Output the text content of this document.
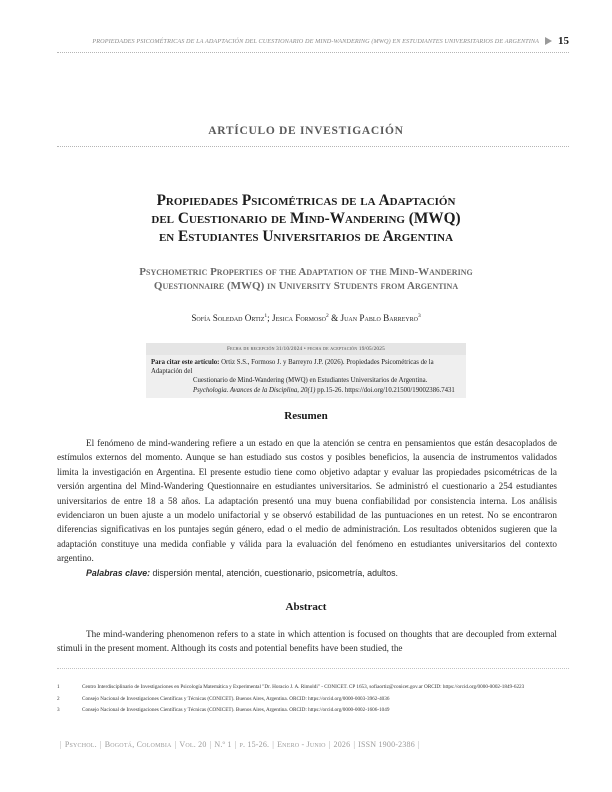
PROPIEDADES PSICOMÉTRICAS DE LA ADAPTACIÓN DEL CUESTIONARIO DE MIND-WANDERING (MWQ) EN ESTUDIANTES UNIVERSITARIOS DE ARGENTINA 15
ARTÍCULO DE INVESTIGACIÓN
Propiedades Psicométricas de la Adaptación
del Cuestionario de Mind-Wandering (MWQ)
en Estudiantes Universitarios de Argentina
Psychometric Properties of the Adaptation of the Mind-Wandering
Questionnaire (MWQ) in University Students from Argentina
Sofía Soledad Ortiz$^1$; Jesica Formoso$^2$ & Juan Pablo Barreyro$^3$
Fecha de recepción 31/10/2024 • fecha de aceptación 19/05/2025
Para citar este artículo: Ortiz S.S., Formoso J. y Barreyro J.P. (2026). Propiedades Psicométricas de la Adaptación del
Cuestionario de Mind-Wandering (MWQ) en Estudiantes Universitarios de Argentina.
Psychologia. Avances de la Disciplina, 20(1) pp.15-26. https://doi.org/10.21500/19002386.7431
Resumen

El fenómeno de mind-wandering refiere a un estado en que la atención se centra en pensamientos que están desacoplados de estímulos externos del momento. Aunque se han estudiado sus costos y posibles beneficios, la ausencia de instrumentos validados limita la investigación en Argentina. El presente estudio tiene como objetivo adaptar y evaluar las propiedades psicométricas de la versión argentina del Mind-Wandering Questionnaire en estudiantes universitarios. Se administró el cuestionario a 254 estudiantes universitarios de entre 18 a 58 años. La adaptación presentó una muy buena confiabilidad por consistencia interna. Los análisis evidenciaron un buen ajuste a un modelo unifactorial y se observó estabilidad de las puntuaciones en un retest. No se encontraron diferencias significativas en los puntajes según género, edad o el medio de administración. Los resultados obtenidos sugieren que la adaptación constituye una medida confiable y válida para la evaluación del fenómeno en estudiantes universitarios del contexto argentino.

Palabras clave: dispersión mental, atención, cuestionario, psicometría, adultos.
Abstract

The mind-wandering phenomenon refers to a state in which attention is focused on thoughts that are decoupled from external stimuli in the present moment. Although its costs and potential benefits have been studied, the

1	Centro Interdisciplinario de Investigaciones en Psicología Matemática y Experimental "Dr. Horacio J. A. Rimoldi" - CONICET. CP 1653, sofiaortiz@conicet.gov.ar ORCID: https://orcid.org/0000-0002-1849-6223
2	Consejo Nacional de Investigaciones Científicas y Técnicas (CONICET). Buenos Aires, Argentina. ORCID: https://orcid.org/0000-0003-3962-4036
3	Consejo Nacional de Investigaciones Científicas y Técnicas (CONICET). Buenos Aires, Argentina. ORCID: https://orcid.org/0000-0002-1606-1049
| Psychol. | Bogotá, Colombia | Vol. 20 | N.º 1 | p. 15-26. | Enero - Junio | 2026 | ISSN 1900-2386 |
